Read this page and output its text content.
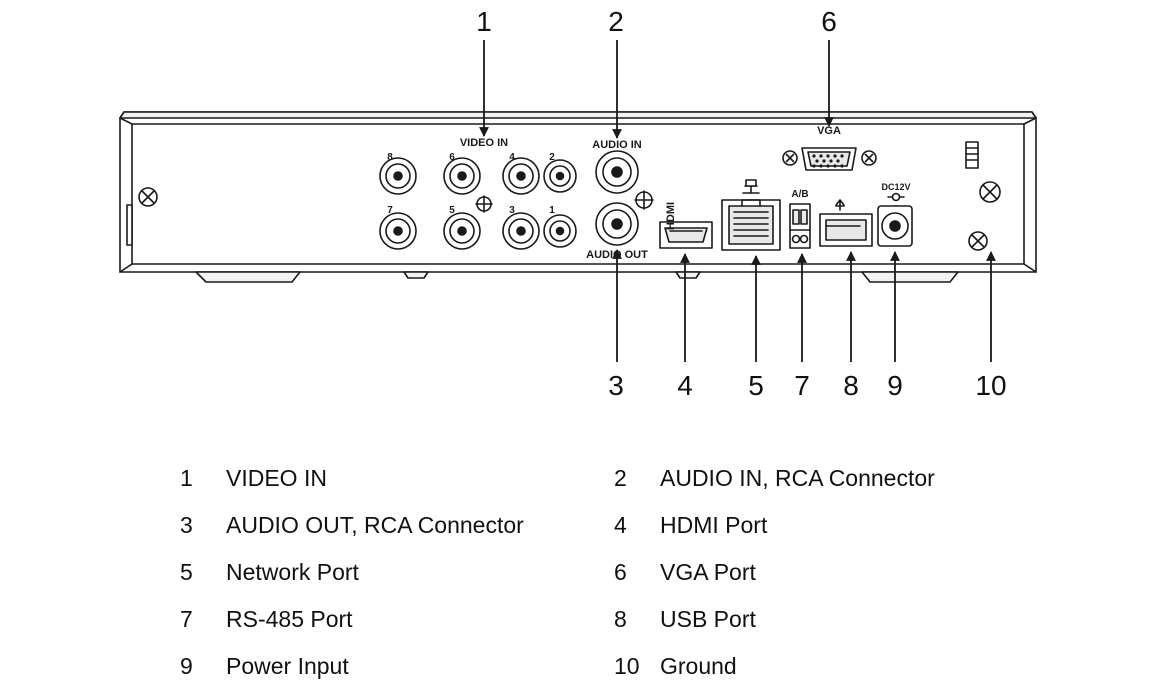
VIDEO IN	AUDIO IN
AUDIO OUT
VGA
A/B
DC12V
HDMI
8	6	4	2
7	5	3	1
1	2	6
3	4	5	7	8	9	10
1	VIDEO IN	2	AUDIO IN, RCA Connector
3	AUDIO OUT, RCA Connector	4	HDMI Port
5	Network Port	6	VGA Port
7	RS-485 Port	8	USB Port
9	Power Input	10 Ground
